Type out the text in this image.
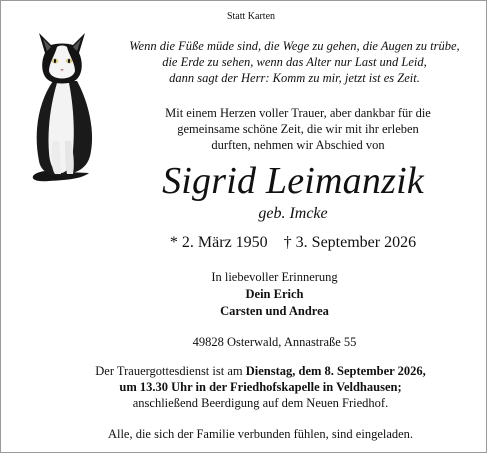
Statt Karten
Wenn die Füße müde sind, die Wege zu gehen, die Augen zu trübe,
die Erde zu sehen, wenn das Alter nur Last und Leid,
dann sagt der Herr: Komm zu mir, jetzt ist es Zeit.
Mit einem Herzen voller Trauer, aber dankbar für die
gemeinsame schöne Zeit, die wir mit ihr erleben
durften, nehmen wir Abschied von
Sigrid Leimanzik
geb. Imcke
* 2. März 1950 † 3. September 2026
In liebevoller Erinnerung
Dein Erich
Carsten und Andrea
49828 Osterwald, Annastraße 55
Der Trauergottesdienst ist am Dienstag, dem 8. September 2026,
um 13.30 Uhr in der Friedhofskapelle in Veldhausen;
anschließend Beerdigung auf dem Neuen Friedhof.
Alle, die sich der Familie verbunden fühlen, sind eingeladen.
